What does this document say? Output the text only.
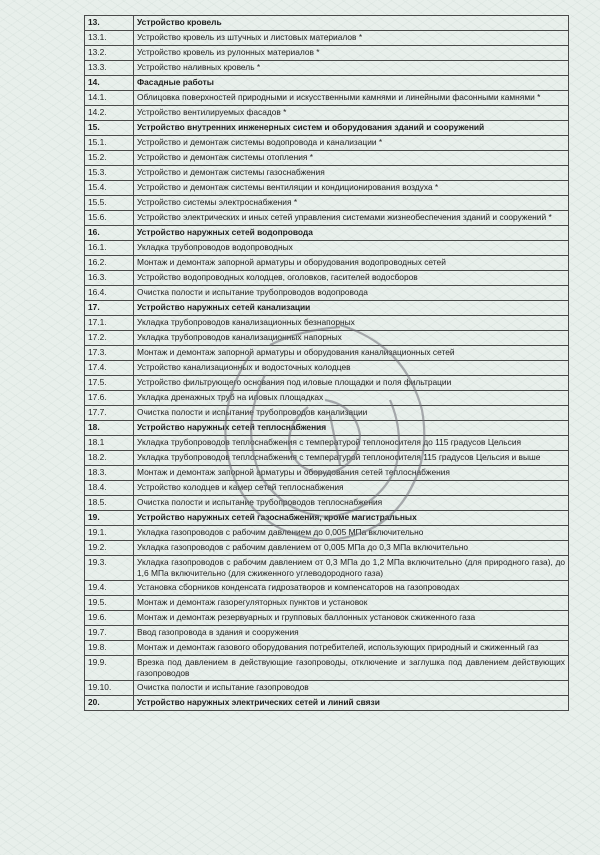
13.	Устройство кровель
13.1.	Устройство кровель из штучных и листовых материалов *
13.2.	Устройство кровель из рулонных материалов *
13.3.	Устройство наливных кровель *
14.	Фасадные работы
14.1.	Облицовка поверхностей природными и искусственными камнями и линейными фасонными камнями *
14.2.	Устройство вентилируемых фасадов *
15.	Устройство внутренних инженерных систем и оборудования зданий и сооружений
15.1.	Устройство и демонтаж системы водопровода и канализации *
15.2.	Устройство и демонтаж системы отопления *
15.3.	Устройство и демонтаж системы газоснабжения
15.4.	Устройство и демонтаж системы вентиляции и кондиционирования воздуха *
15.5.	Устройство системы электроснабжения *
15.6.	Устройство электрических и иных сетей управления системами жизнеобеспечения зданий и сооружений *
16.	Устройство наружных сетей водопровода
16.1.	Укладка трубопроводов водопроводных
16.2.	Монтаж и демонтаж запорной арматуры и оборудования водопроводных сетей
16.3.	Устройство водопроводных колодцев, оголовков, гасителей водосборов
16.4.	Очистка полости и испытание трубопроводов водопровода
17.	Устройство наружных сетей канализации
17.1.	Укладка трубопроводов канализационных безнапорных
17.2.	Укладка трубопроводов канализационных напорных
17.3.	Монтаж и демонтаж запорной арматуры и оборудования канализационных сетей
17.4.	Устройство канализационных и водосточных колодцев
17.5.	Устройство фильтрующего основания под иловые площадки и поля фильтрации
17.6.	Укладка дренажных труб на иловых площадках
17.7.	Очистка полости и испытание трубопроводов канализации
18.	Устройство наружных сетей теплоснабжения
18.1	Укладка трубопроводов теплоснабжения с температурой теплоносителя до 115 градусов Цельсия
18.2.	Укладка трубопроводов теплоснабжения с температурой теплоносителя 115 градусов Цельсия и выше
18.3.	Монтаж и демонтаж запорной арматуры и оборудования сетей теплоснабжения
18.4.	Устройство колодцев и камер сетей теплоснабжения
18.5.	Очистка полости и испытание трубопроводов теплоснабжения
19.	Устройство наружных сетей газоснабжения, кроме магистральных
19.1.	Укладка газопроводов с рабочим давлением до 0,005 МПа включительно
19.2.	Укладка газопроводов с рабочим давлением от 0,005 МПа до 0,3 МПа включительно
19.3.	Укладка газопроводов с рабочим давлением от 0,3 МПа до 1,2 МПа включительно (для природного газа), до 1,6 МПа включительно (для сжиженного углеводородного газа)
19.4.	Установка сборников конденсата гидрозатворов и компенсаторов на газопроводах
19.5.	Монтаж и демонтаж газорегуляторных пунктов и установок
19.6.	Монтаж и демонтаж резервуарных и групповых баллонных установок сжиженного газа
19.7.	Ввод газопровода в здания и сооружения
19.8.	Монтаж и демонтаж газового оборудования потребителей, использующих природный и сжиженный газ
19.9.	Врезка под давлением в действующие газопроводы, отключение и заглушка под давлением действующих газопроводов
19.10.	Очистка полости и испытание газопроводов
20.	Устройство наружных электрических сетей и линий связи
